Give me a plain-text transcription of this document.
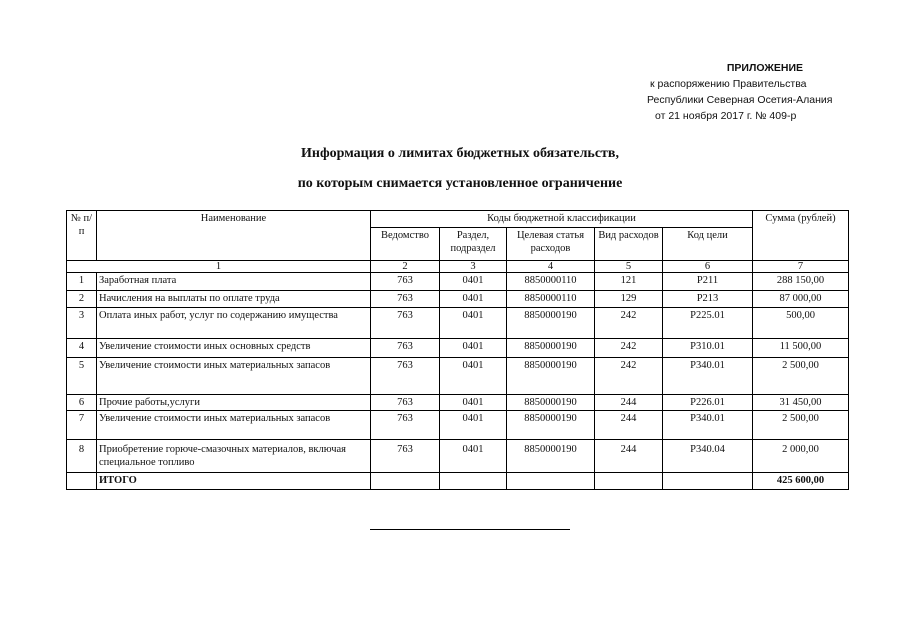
ПРИЛОЖЕНИЕ
к распоряжению Правительства
Республики Северная Осетия-Алания
от 21 ноября 2017 г. № 409-р
Информация о лимитах бюджетных обязательств,
по которым снимается установленное ограничение
№ п/п	Наименование	Коды бюджетной классификации					Сумма (рублей)
		Ведомство	Раздел, подраздел	Целевая статья расходов	Вид расходов	Код цели	
1		2	3	4	5	6	7
1	Заработная плата	763	0401	8850000110	121	Р211	288 150,00
2	Начисления на выплаты по оплате труда	763	0401	8850000110	129	Р213	87 000,00
3	Оплата иных работ, услуг по содержанию имущества	763	0401	8850000190	242	Р225.01	500,00
4	Увеличение стоимости иных основных средств	763	0401	8850000190	242	Р310.01	11 500,00
5	Увеличение стоимости иных материальных запасов	763	0401	8850000190	242	Р340.01	2 500,00
6	Прочие работы,услуги	763	0401	8850000190	244	Р226.01	31 450,00
7	Увеличение стоимости иных материальных запасов	763	0401	8850000190	244	Р340.01	2 500,00
8	Приобретение горюче-смазочных материалов, включая специальное топливо	763	0401	8850000190	244	Р340.04	2 000,00
	ИТОГО						425 600,00
